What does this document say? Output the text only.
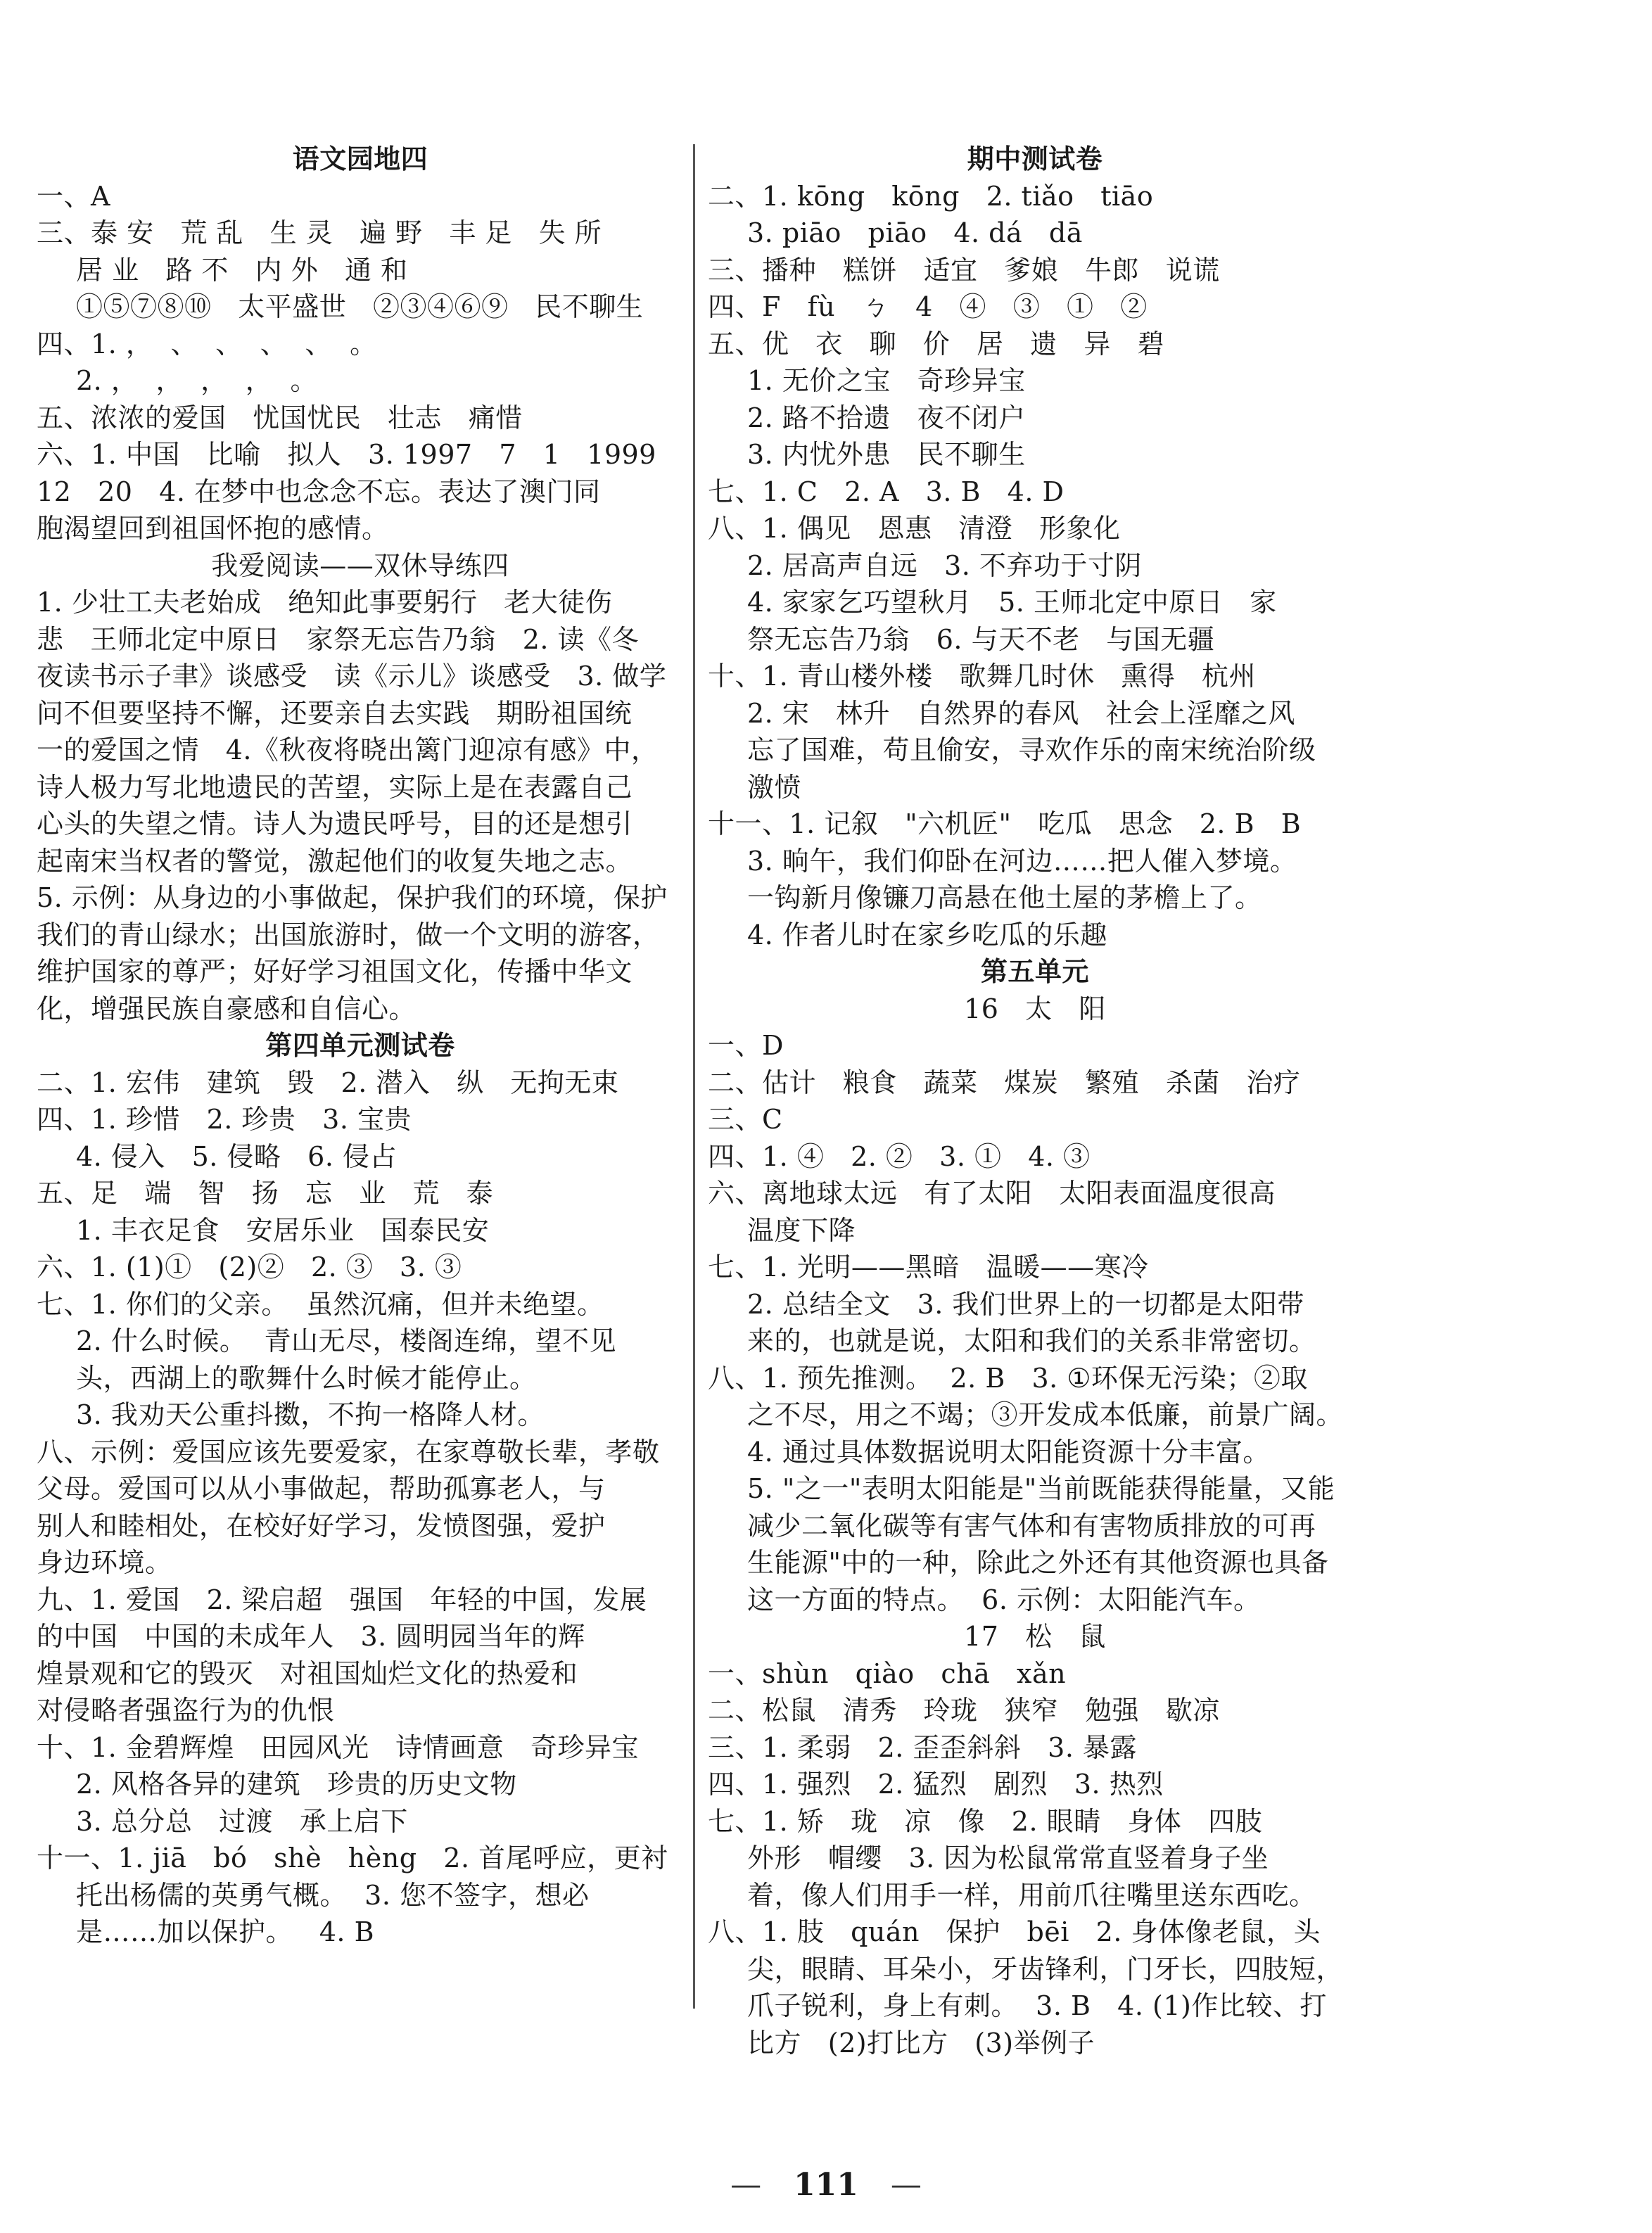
语文园地四
一、A
三、泰 安   荒 乱   生 灵   遍 野   丰 足   失 所
居 业   路 不   内 外   通 和
①⑤⑦⑧⑩   太平盛世   ②③④⑥⑨   民不聊生
四、1. ，  、  、  、  、  。
2. ，  ，  ，  ，  。
五、浓浓的爱国   忧国忧民   壮志   痛惜
六、1. 中国   比喻   拟人   3. 1997   7   1   1999
12   20   4. 在梦中也念念不忘。表达了澳门同
胞渴望回到祖国怀抱的感情。
我爱阅读——双休导练四
1. 少壮工夫老始成   绝知此事要躬行   老大徒伤
悲   王师北定中原日   家祭无忘告乃翁   2. 读《冬
夜读书示子聿》谈感受   读《示儿》谈感受   3. 做学
问不但要坚持不懈，还要亲自去实践   期盼祖国统
一的爱国之情   4.《秋夜将晓出篱门迎凉有感》中，
诗人极力写北地遗民的苦望，实际上是在表露自己
心头的失望之情。诗人为遗民呼号，目的还是想引
起南宋当权者的警觉，激起他们的收复失地之志。
5. 示例：从身边的小事做起，保护我们的环境，保护
我们的青山绿水；出国旅游时，做一个文明的游客，
维护国家的尊严；好好学习祖国文化，传播中华文
化，增强民族自豪感和自信心。
第四单元测试卷
二、1. 宏伟   建筑   毁   2. 潜入   纵   无拘无束
四、1. 珍惜   2. 珍贵   3. 宝贵
4. 侵入   5. 侵略   6. 侵占
五、足   端   智   扬   忘   业   荒   泰
1. 丰衣足食   安居乐业   国泰民安
六、1. (1)①   (2)②   2. ③   3. ③
七、1. 你们的父亲。  虽然沉痛，但并未绝望。
2. 什么时候。  青山无尽，楼阁连绵，望不见
头，西湖上的歌舞什么时候才能停止。
3. 我劝天公重抖擞，不拘一格降人材。
八、示例：爱国应该先要爱家，在家尊敬长辈，孝敬
父母。爱国可以从小事做起，帮助孤寡老人，与
别人和睦相处，在校好好学习，发愤图强，爱护
身边环境。
九、1. 爱国   2. 梁启超   强国   年轻的中国，发展
的中国   中国的未成年人   3. 圆明园当年的辉
煌景观和它的毁灭   对祖国灿烂文化的热爱和
对侵略者强盗行为的仇恨
十、1. 金碧辉煌   田园风光   诗情画意   奇珍异宝
2. 风格各异的建筑   珍贵的历史文物
3. 总分总   过渡   承上启下
十一、1. jiā   bó   shè   hèng   2. 首尾呼应，更衬
托出杨儒的英勇气概。  3. 您不签字，想必
是……加以保护。   4. B
期中测试卷
二、1. kōng   kōng   2. tiǎo   tiāo
3. piāo   piāo   4. dá   dā
三、播种   糕饼   适宜   爹娘   牛郎   说谎
四、F   fù   ㄅ   4   ④   ③   ①   ②
五、优   衣   聊   价   居   遗   异   碧
1. 无价之宝   奇珍异宝
2. 路不拾遗   夜不闭户
3. 内忧外患   民不聊生
七、1. C   2. A   3. B   4. D
八、1. 偶见   恩惠   清澄   形象化
2. 居高声自远   3. 不弃功于寸阴
4. 家家乞巧望秋月   5. 王师北定中原日   家
祭无忘告乃翁   6. 与天不老   与国无疆
十、1. 青山楼外楼   歌舞几时休   熏得   杭州
2. 宋   林升   自然界的春风   社会上淫靡之风
忘了国难，苟且偷安，寻欢作乐的南宋统治阶级
激愤
十一、1. 记叙   "六机匠"   吃瓜   思念   2. B   B
3. 晌午，我们仰卧在河边……把人催入梦境。
一钩新月像镰刀高悬在他土屋的茅檐上了。
4. 作者儿时在家乡吃瓜的乐趣
第五单元
16   太   阳
一、D
二、估计   粮食   蔬菜   煤炭   繁殖   杀菌   治疗
三、C
四、1. ④   2. ②   3. ①   4. ③
六、离地球太远   有了太阳   太阳表面温度很高
温度下降
七、1. 光明——黑暗   温暖——寒冷
2. 总结全文   3. 我们世界上的一切都是太阳带
来的，也就是说，太阳和我们的关系非常密切。
八、1. 预先推测。  2. B   3. ①环保无污染；②取
之不尽，用之不竭；③开发成本低廉，前景广阔。
4. 通过具体数据说明太阳能资源十分丰富。
5. "之一"表明太阳能是"当前既能获得能量，又能
减少二氧化碳等有害气体和有害物质排放的可再
生能源"中的一种，除此之外还有其他资源也具备
这一方面的特点。  6. 示例：太阳能汽车。
17   松   鼠
一、shùn   qiào   chā   xǎn
二、松鼠   清秀   玲珑   狭窄   勉强   歇凉
三、1. 柔弱   2. 歪歪斜斜   3. 暴露
四、1. 强烈   2. 猛烈   剧烈   3. 热烈
七、1. 矫   珑   凉   像   2. 眼睛   身体   四肢
外形   帽缨   3. 因为松鼠常常直竖着身子坐
着，像人们用手一样，用前爪往嘴里送东西吃。
八、1. 肢   quán   保护   bēi   2. 身体像老鼠，头
尖，眼睛、耳朵小，牙齿锋利，门牙长，四肢短，
爪子锐利，身上有刺。  3. B   4. (1)作比较、打
比方   (2)打比方   (3)举例子
— 111 —
